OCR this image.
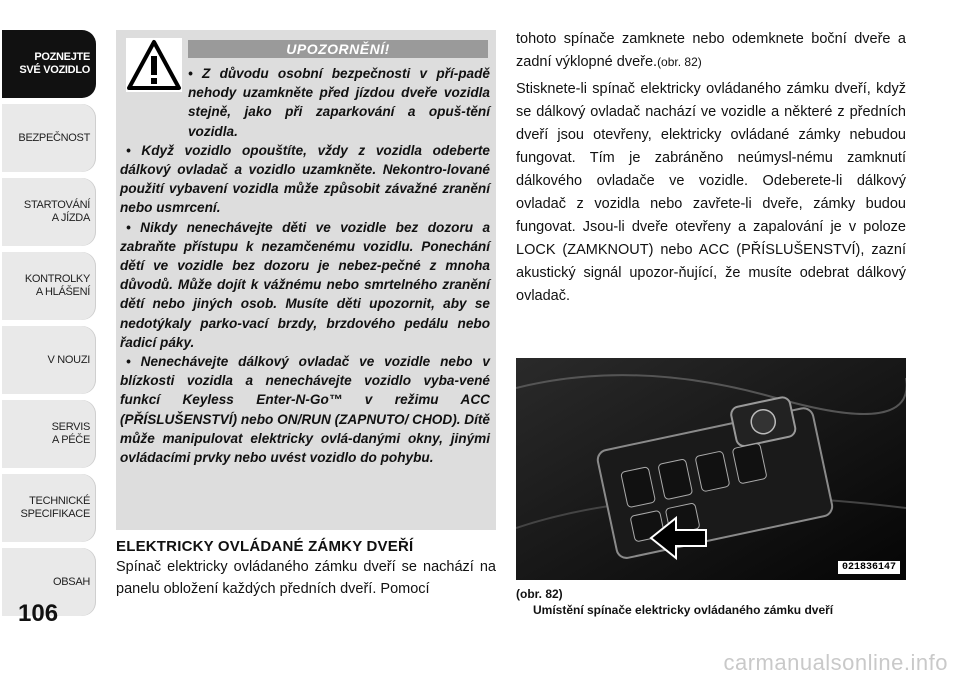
POZNEJTE
SVÉ VOZIDLO
BEZPEČNOST
STARTOVÁNÍ
A JÍZDA
KONTROLKY
A HLÁŠENÍ
V NOUZI
SERVIS
A PÉČE
TECHNICKÉ
SPECIFIKACE
OBSAH
106
UPOZORNĚNÍ!

• Z důvodu osobní bezpečnosti v pří-padě nehody uzamkněte před jízdou dveře vozidla stejně, jako při zaparkování a opuš-tění vozidla.

• Když vozidlo opouštíte, vždy z vozidla odeberte dálkový ovladač a vozidlo uzamkněte. Nekontro-lované použití vybavení vozidla může způsobit závažné zranění nebo usmrcení.

• Nikdy nenechávejte děti ve vozidle bez dozoru a zabraňte přístupu k nezamčenému vozidlu. Ponechání dětí ve vozidle bez dozoru je nebez-pečné z mnoha důvodů. Může dojít k vážnému nebo smrtelného zranění dětí nebo jiných osob. Musíte děti upozornit, aby se nedotýkaly parko-vací brzdy, brzdového pedálu nebo řadicí páky.

• Nenechávejte dálkový ovladač ve vozidle nebo v blízkosti vozidla a nenechávejte vozidlo vyba-vené funkcí Keyless Enter-N-Go™ v režimu ACC (PŘÍSLUŠENSTVÍ) nebo ON/RUN (ZAPNUTO/ CHOD). Dítě může manipulovat elektricky ovlá-danými okny, jinými ovládacími prvky nebo uvést vozidlo do pohybu.

ELEKTRICKY OVLÁDANÉ ZÁMKY DVEŘÍ
Spínač elektricky ovládaného zámku dveří se nachází na panelu obložení každých předních dveří. Pomocí

tohoto spínače zamknete nebo odemknete boční dveře a zadní výklopné dveře.(obr. 82)

Stisknete-li spínač elektricky ovládaného zámku dveří, když se dálkový ovladač nachází ve vozidle a některé z předních dveří jsou otevřeny, elektricky ovládané zámky nebudou fungovat. Tím je zabráněno neúmysl-nému zamknutí dálkového ovladače ve vozidle. Odeberete-li dálkový ovladač z vozidla nebo zavřete-li dveře, zámky budou fungovat. Jsou-li dveře otevřeny a zapalování je v poloze LOCK (ZAMKNOUT) nebo ACC (PŘÍSLUŠENSTVÍ), zazní akustický signál upozor-ňující, že musíte odebrat dálkový ovladač.

021836147
(obr. 82)
Umístění spínače elektricky ovládaného zámku dveří
carmanualsonline.info
